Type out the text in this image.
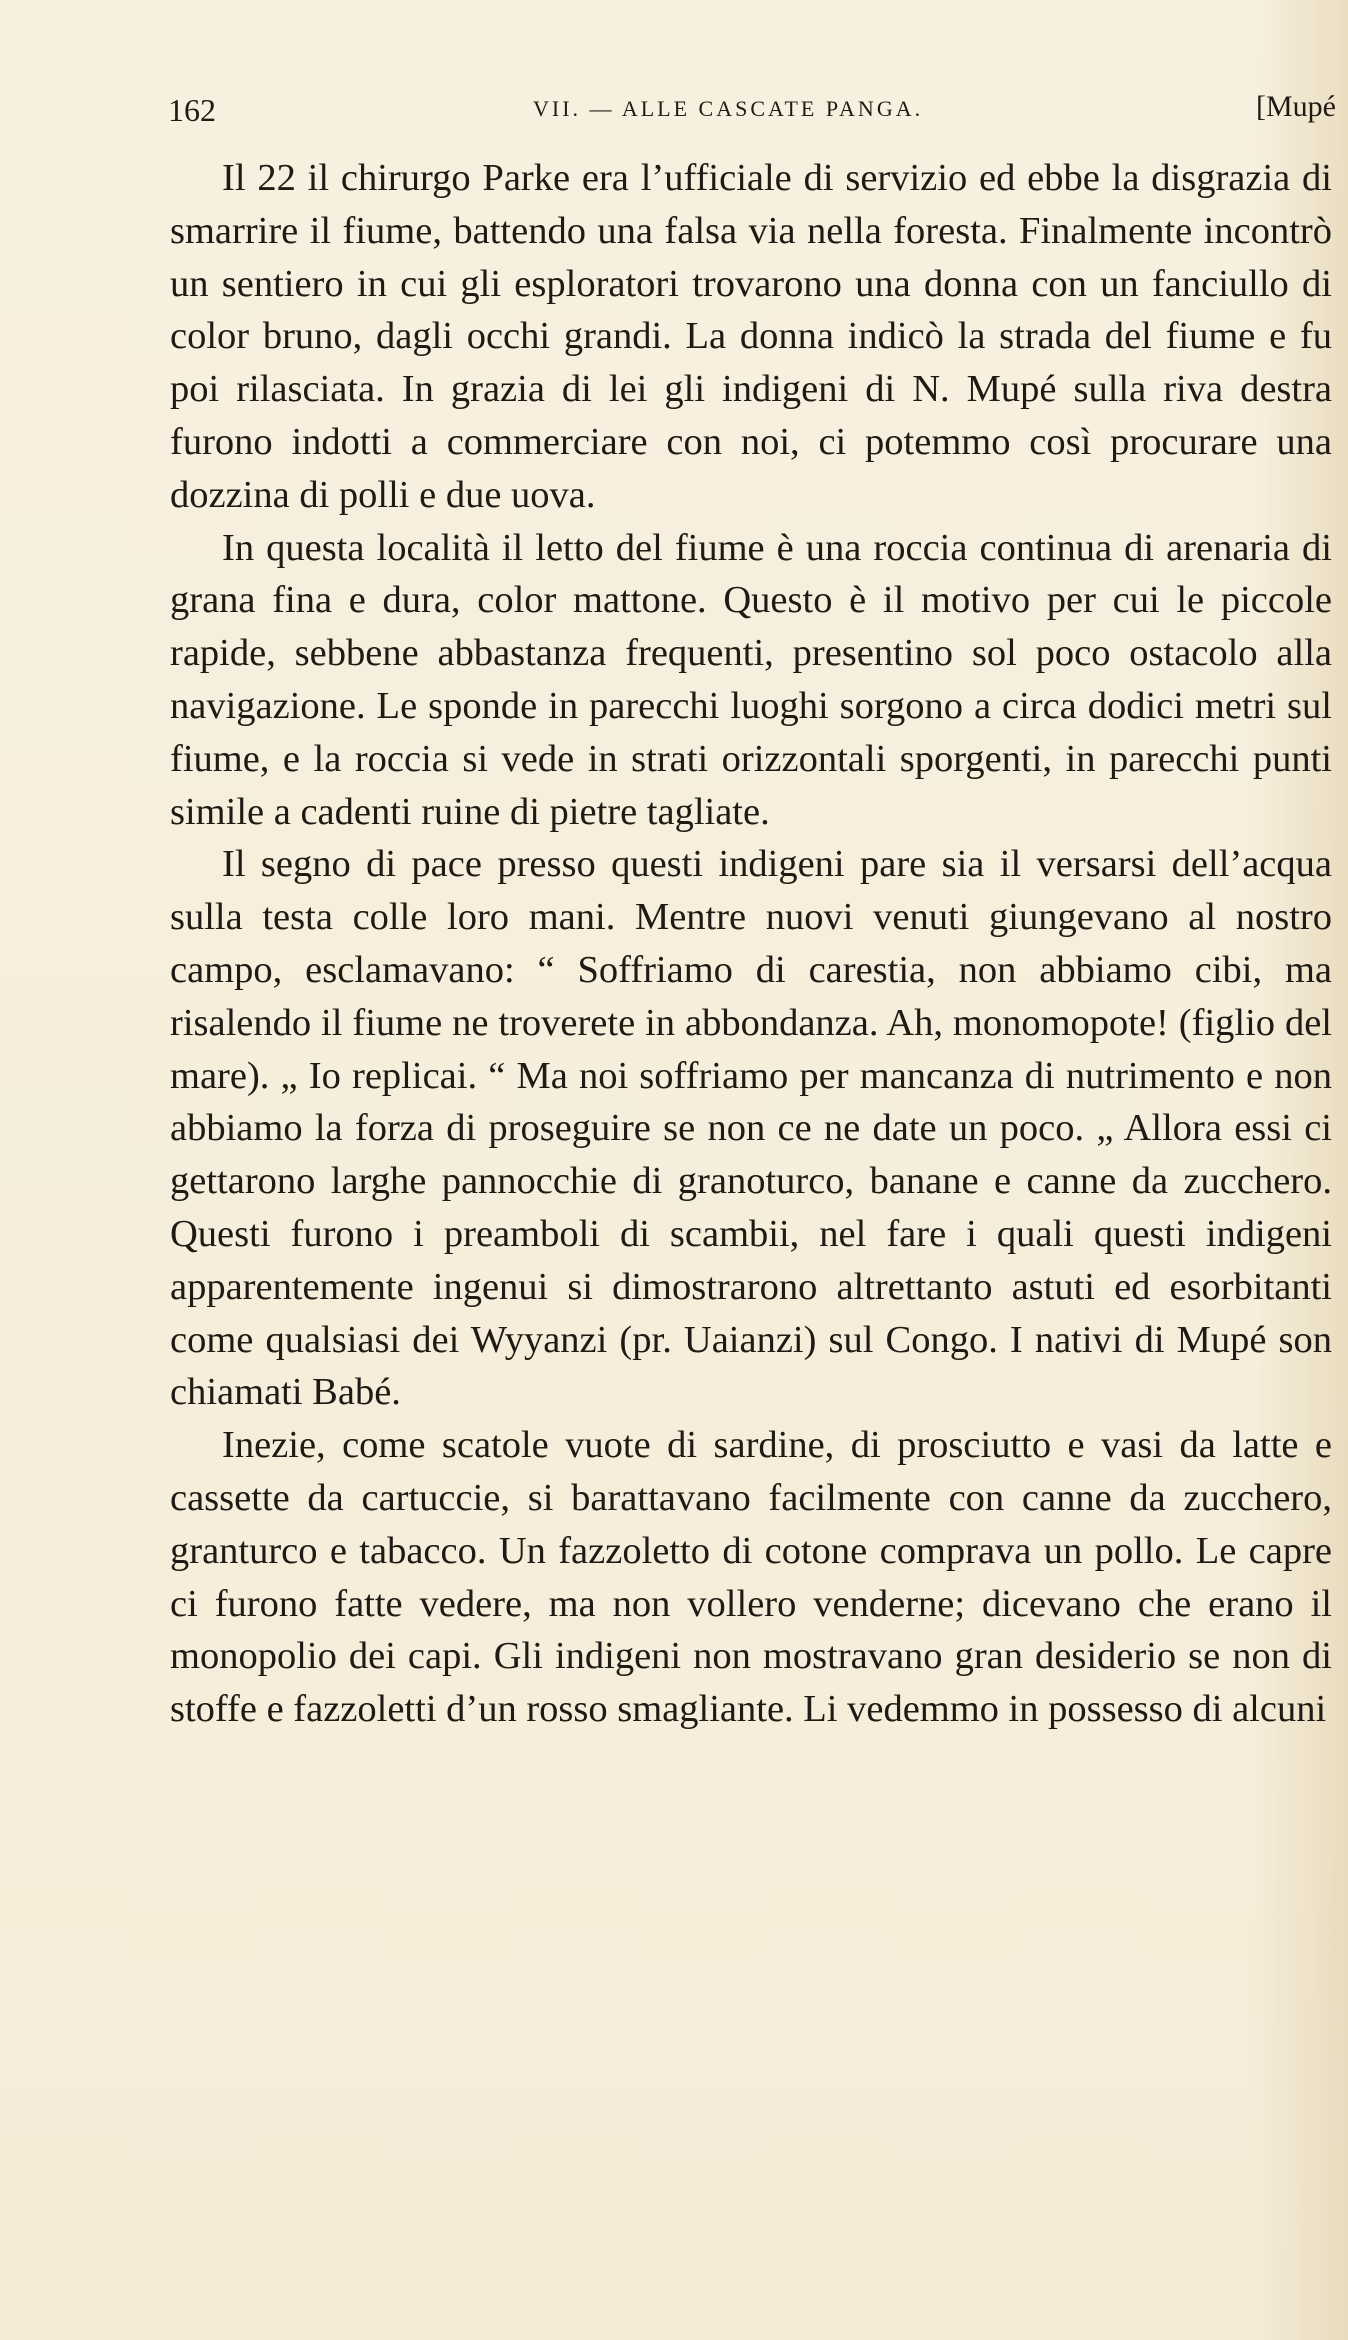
162	VII. — ALLE CASCATE PANGA.	[Mupé

Il 22 il chirurgo Parke era l’ufficiale di servizio ed ebbe la disgrazia di smarrire il fiume, battendo una falsa via nella foresta. Finalmente incontrò un sentiero in cui gli esploratori trovarono una donna con un fanciullo di color bruno, dagli occhi grandi. La donna indicò la strada del fiume e fu poi rilasciata. In grazia di lei gli indigeni di N. Mupé sulla riva destra furono indotti a commerciare con noi, ci potemmo così procurare una dozzina di polli e due uova.

In questa località il letto del fiume è una roccia continua di arenaria di grana fina e dura, color mattone. Questo è il motivo per cui le piccole rapide, sebbene abbastanza frequenti, presentino sol poco ostacolo alla navigazione. Le sponde in parecchi luoghi sorgono a circa dodici metri sul fiume, e la roccia si vede in strati orizzontali sporgenti, in parecchi punti simile a cadenti ruine di pietre tagliate.

Il segno di pace presso questi indigeni pare sia il versarsi dell’acqua sulla testa colle loro mani. Mentre nuovi venuti giungevano al nostro campo, esclamavano: “ Soffriamo di carestia, non abbiamo cibi, ma risalendo il fiume ne troverete in abbondanza. Ah, monomopote! (figlio del mare). „ Io replicai. “ Ma noi soffriamo per mancanza di nutrimento e non abbiamo la forza di proseguire se non ce ne date un poco. „ Allora essi ci gettarono larghe pannocchie di granoturco, banane e canne da zucchero. Questi furono i preamboli di scambii, nel fare i quali questi indigeni apparentemente ingenui si dimostrarono altrettanto astuti ed esorbitanti come qualsiasi dei Wyyanzi (pr. Uaianzi) sul Congo. I nativi di Mupé son chiamati Babé.

Inezie, come scatole vuote di sardine, di prosciutto e vasi da latte e cassette da cartuccie, si barattavano facilmente con canne da zucchero, granturco e tabacco. Un fazzoletto di cotone comprava un pollo. Le capre ci furono fatte vedere, ma non vollero venderne; dicevano che erano il monopolio dei capi. Gli indigeni non mostravano gran desiderio se non di stoffe e fazzoletti d’un rosso smagliante. Li vedemmo in possesso di alcuni
